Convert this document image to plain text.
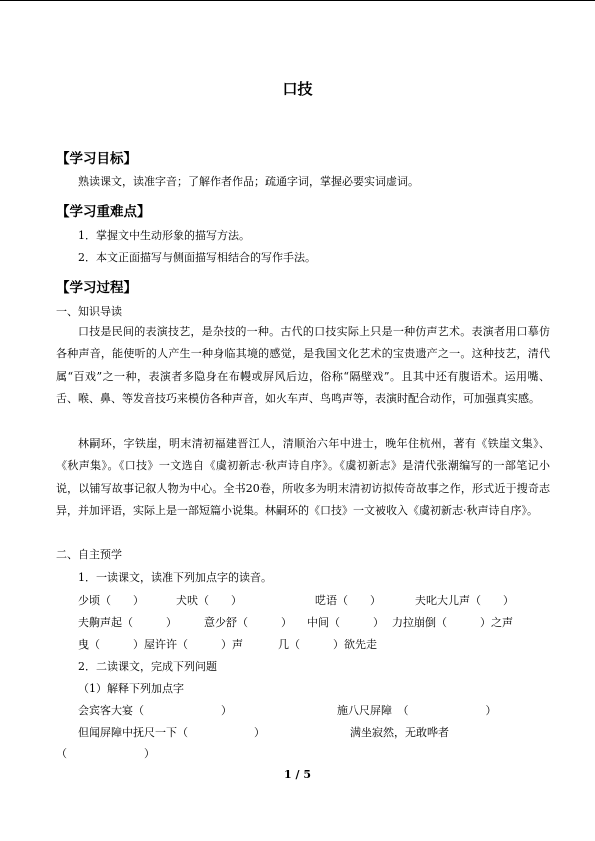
口技
【学习目标】

熟读课文，读准字音；了解作者作品；疏通字词，掌握必要实词虚词。

【学习重难点】

1．掌握文中生动形象的描写方法。

2．本文正面描写与侧面描写相结合的写作手法。

【学习过程】

一、知识导读

口技是民间的表演技艺，是杂技的一种。古代的口技实际上只是一种仿声艺术。表演者用口摹仿各种声音，能使听的人产生一种身临其境的感觉，是我国文化艺术的宝贵遗产之一。这种技艺，清代属“百戏”之一种，表演者多隐身在布幔或屏风后边，俗称“隔壁戏”。且其中还有腹语术。运用嘴、舌、喉、鼻、等发音技巧来模仿各种声音，如火车声、鸟鸣声等，表演时配合动作，可加强真实感。

林嗣环，字铁崖，明末清初福建晋江人，清顺治六年中进士，晚年住杭州，著有《铁崖文集》、《秋声集》。《口技》一文选自《虞初新志·秋声诗自序》。《虞初新志》是清代张潮编写的一部笔记小说，以铺写故事记叙人物为中心。全书20卷，所收多为明末清初访拟传奇故事之作，形式近于搜奇志异，并加评语，实际上是一部短篇小说集。林嗣环的《口技》一文被收入《虞初新志·秋声诗自序》。

二、自主预学

1．一读课文，读准下列加点字的读音。

少顷（　　）	犬吠（　　）	呓语（　　）	夫叱大儿声（　　）

夫齁声起（　　　） 意少舒（　　　） 中间（　　　） 力拉崩倒（　　　）之声

曳（　　　）屋许许（　　　）声	几（　　　）欲先走

2．二读课文，完成下列问题

（1）解释下列加点字

会宾客大宴（　　　　　　　）	施八尺屏障　（　　　　　　　）

但闻屏障中抚尺一下（　　　　　　）	满坐寂然，无敢哗者

（　　　　　　　）

1 / 5
